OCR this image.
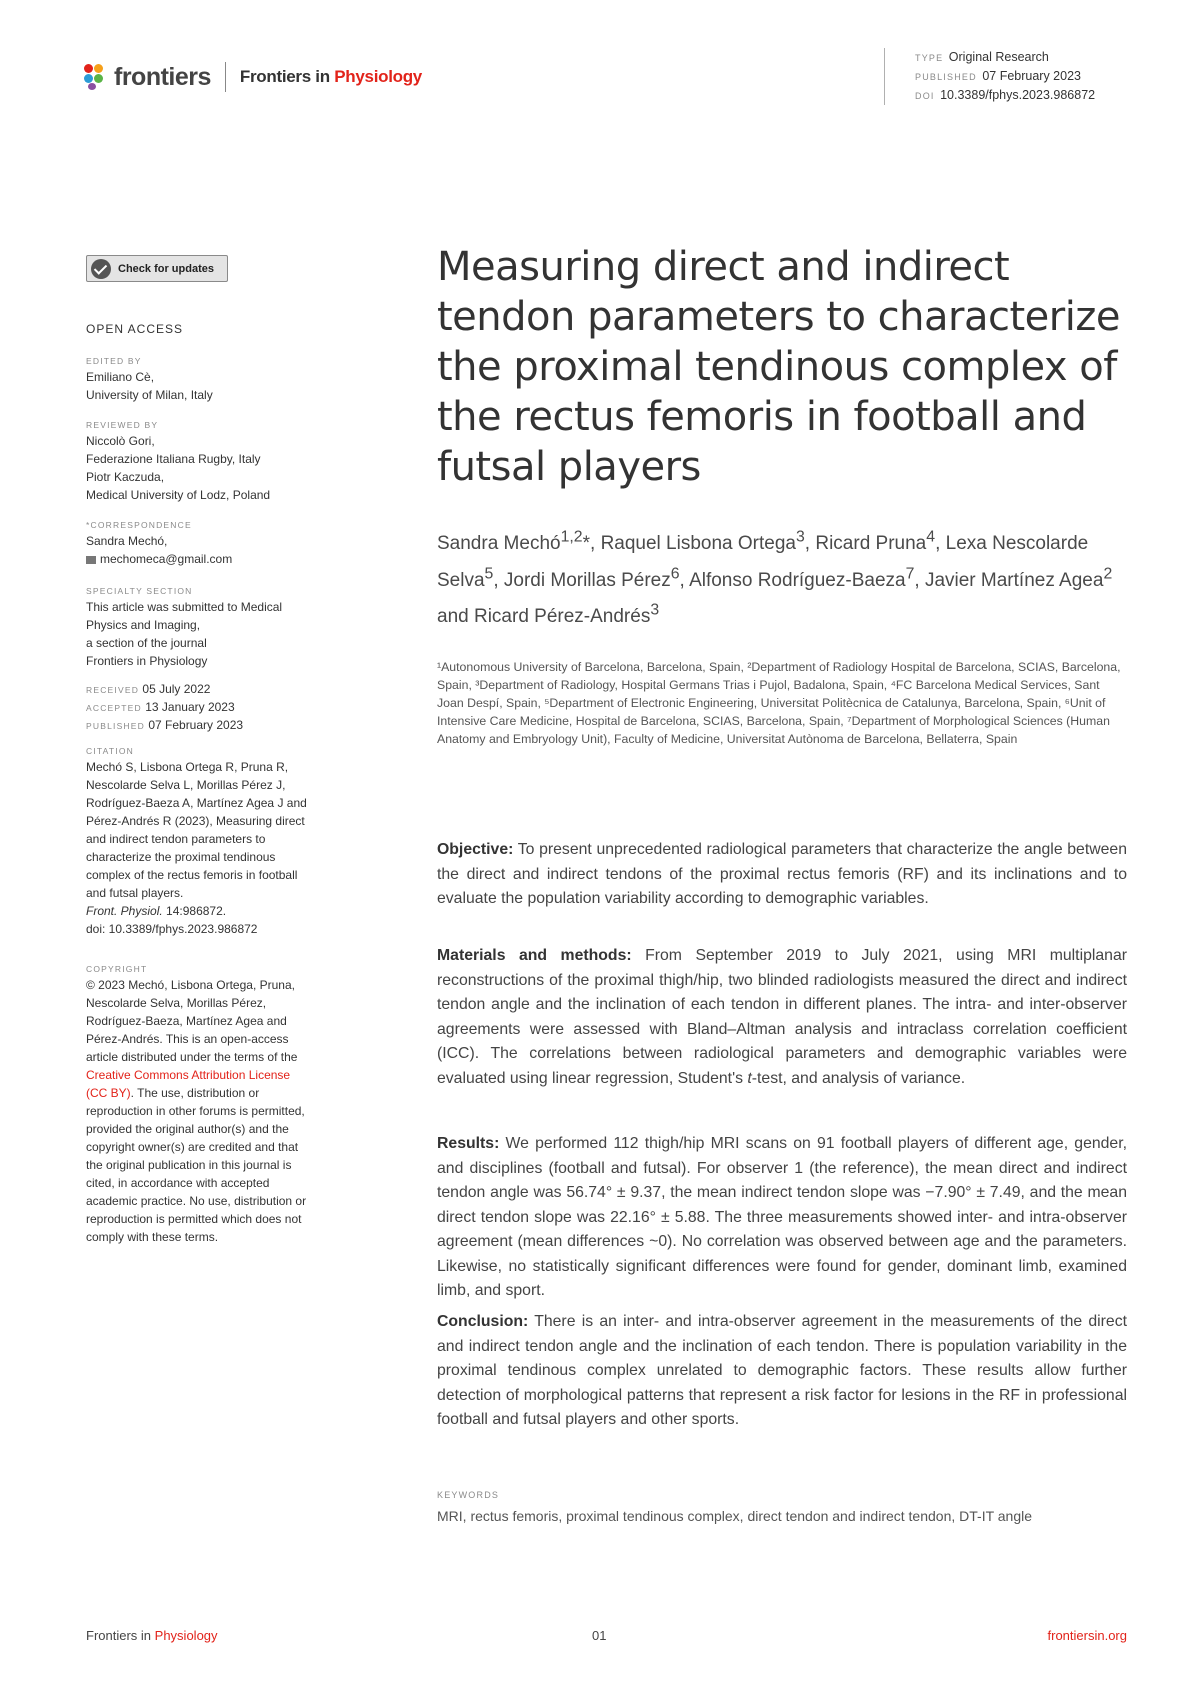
frontiers Frontiers in Physiology
TYPE Original Research
PUBLISHED 07 February 2023
DOI 10.3389/fphys.2023.986872
Check for updates
OPEN ACCESS
EDITED BY
Emiliano Cè,
University of Milan, Italy
REVIEWED BY
Niccolò Gori,
Federazione Italiana Rugby, Italy
Piotr Kaczuda,
Medical University of Lodz, Poland
*CORRESPONDENCE
Sandra Mechó,
mechomeca@gmail.com
SPECIALTY SECTION
This article was submitted to Medical
Physics and Imaging,
a section of the journal
Frontiers in Physiology
RECEIVED 05 July 2022
ACCEPTED 13 January 2023
PUBLISHED 07 February 2023
CITATION
Mechó S, Lisbona Ortega R, Pruna R,
Nescolarde Selva L, Morillas Pérez J,
Rodríguez-Baeza A, Martínez Agea J and
Pérez-Andrés R (2023), Measuring direct
and indirect tendon parameters to
characterize the proximal tendinous
complex of the rectus femoris in football
and futsal players.
Front. Physiol. 14:986872.
doi: 10.3389/fphys.2023.986872
COPYRIGHT
© 2023 Mechó, Lisbona Ortega, Pruna,
Nescolarde Selva, Morillas Pérez,
Rodríguez-Baeza, Martínez Agea and
Pérez-Andrés. This is an open-access
article distributed under the terms of the
Creative Commons Attribution License
(CC BY). The use, distribution or
reproduction in other forums is permitted,
provided the original author(s) and the
copyright owner(s) are credited and that
the original publication in this journal is
cited, in accordance with accepted
academic practice. No use, distribution or
reproduction is permitted which does not
comply with these terms.
Measuring direct and indirect tendon parameters to characterize the proximal tendinous complex of the rectus femoris in football and futsal players
Sandra Mechó$^{1,2}$*, Raquel Lisbona Ortega$^3$, Ricard Pruna$^4$, Lexa Nescolarde Selva$^5$, Jordi Morillas Pérez$^6$, Alfonso Rodríguez-Baeza$^7$, Javier Martínez Agea$^2$ and Ricard Pérez-Andrés$^3$
¹Autonomous University of Barcelona, Barcelona, Spain, ²Department of Radiology Hospital de Barcelona, SCIAS, Barcelona, Spain, ³Department of Radiology, Hospital Germans Trias i Pujol, Badalona, Spain, ⁴FC Barcelona Medical Services, Sant Joan Despí, Spain, ⁵Department of Electronic Engineering, Universitat Politècnica de Catalunya, Barcelona, Spain, ⁶Unit of Intensive Care Medicine, Hospital de Barcelona, SCIAS, Barcelona, Spain, ⁷Department of Morphological Sciences (Human Anatomy and Embryology Unit), Faculty of Medicine, Universitat Autònoma de Barcelona, Bellaterra, Spain
Objective: To present unprecedented radiological parameters that characterize the angle between the direct and indirect tendons of the proximal rectus femoris (RF) and its inclinations and to evaluate the population variability according to demographic variables.
Materials and methods: From September 2019 to July 2021, using MRI multiplanar reconstructions of the proximal thigh/hip, two blinded radiologists measured the direct and indirect tendon angle and the inclination of each tendon in different planes. The intra- and inter-observer agreements were assessed with Bland–Altman analysis and intraclass correlation coefficient (ICC). The correlations between radiological parameters and demographic variables were evaluated using linear regression, Student's t-test, and analysis of variance.
Results: We performed 112 thigh/hip MRI scans on 91 football players of different age, gender, and disciplines (football and futsal). For observer 1 (the reference), the mean direct and indirect tendon angle was 56.74° ± 9.37, the mean indirect tendon slope was −7.90° ± 7.49, and the mean direct tendon slope was 22.16° ± 5.88. The three measurements showed inter- and intra-observer agreement (mean differences ~0). No correlation was observed between age and the parameters. Likewise, no statistically significant differences were found for gender, dominant limb, examined limb, and sport.
Conclusion: There is an inter- and intra-observer agreement in the measurements of the direct and indirect tendon angle and the inclination of each tendon. There is population variability in the proximal tendinous complex unrelated to demographic factors. These results allow further detection of morphological patterns that represent a risk factor for lesions in the RF in professional football and futsal players and other sports.
KEYWORDS
MRI, rectus femoris, proximal tendinous complex, direct tendon and indirect tendon, DT-IT angle
Frontiers in Physiology	01	frontiersin.org
